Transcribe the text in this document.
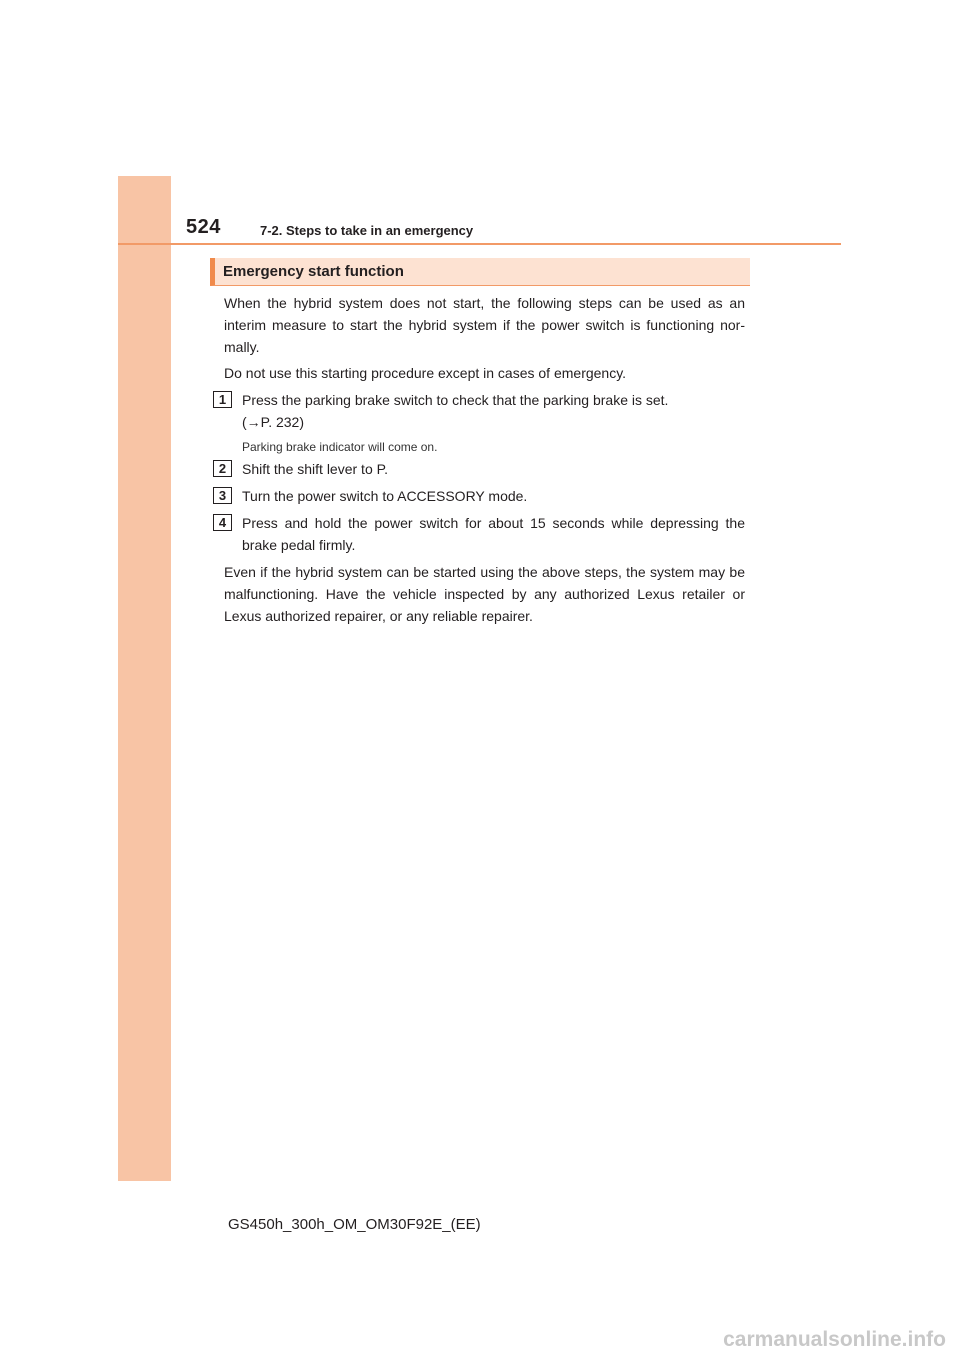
524	7-2. Steps to take in an emergency
Emergency start function

When the hybrid system does not start, the following steps can be used as an interim measure to start the hybrid system if the power switch is functioning nor-mally.

Do not use this starting procedure except in cases of emergency.

1	Press the parking brake switch to check that the parking brake is set.

(→P. 232)

Parking brake indicator will come on.
2	Shift the shift lever to P.

3	Turn the power switch to ACCESSORY mode.

4	Press and hold the power switch for about 15 seconds while depressing the brake pedal firmly.

Even if the hybrid system can be started using the above steps, the system may be malfunctioning. Have the vehicle inspected by any authorized Lexus retailer or Lexus authorized repairer, or any reliable repairer.

GS450h_300h_OM_OM30F92E_(EE)
carmanualsonline.info
